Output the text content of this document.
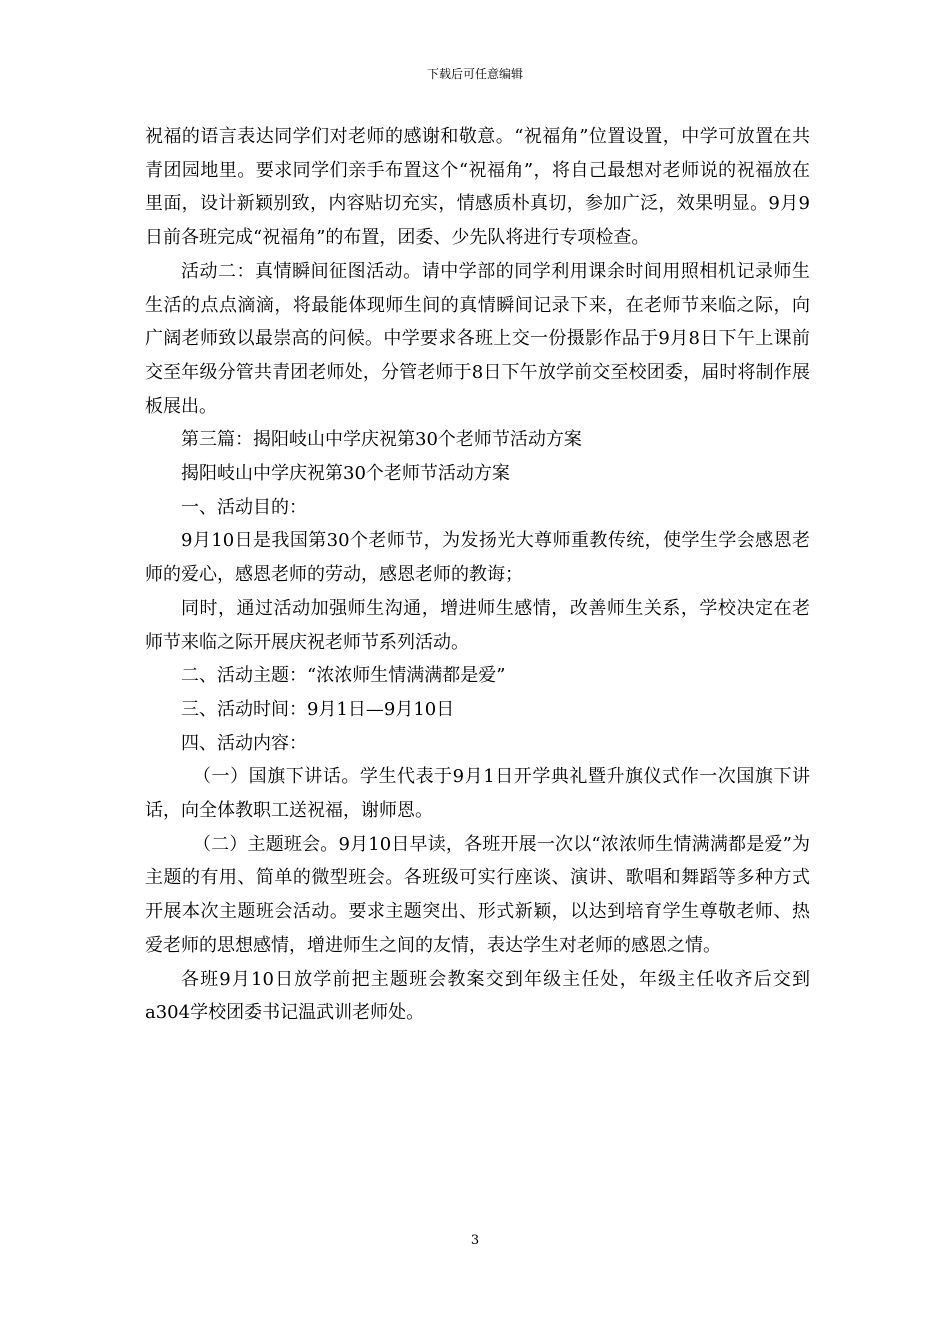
下载后可任意编辑

祝福的语言表达同学们对老师的感谢和敬意。“祝福角”位置设置，中学可放置在共青团园地里。要求同学们亲手布置这个“祝福角”，将自己最想对老师说的祝福放在里面，设计新颖别致，内容贴切充实，情感质朴真切，参加广泛，效果明显。9月9日前各班完成“祝福角”的布置，团委、少先队将进行专项检查。

活动二：真情瞬间征图活动。请中学部的同学利用课余时间用照相机记录师生生活的点点滴滴，将最能体现师生间的真情瞬间记录下来，在老师节来临之际，向广阔老师致以最崇高的问候。中学要求各班上交一份摄影作品于9月8日下午上课前交至年级分管共青团老师处，分管老师于8日下午放学前交至校团委，届时将制作展板展出。

第三篇：揭阳岐山中学庆祝第30个老师节活动方案

揭阳岐山中学庆祝第30个老师节活动方案

一、活动目的：

9月10日是我国第30个老师节，为发扬光大尊师重教传统，使学生学会感恩老师的爱心，感恩老师的劳动，感恩老师的教诲；

同时，通过活动加强师生沟通，增进师生感情，改善师生关系，学校决定在老师节来临之际开展庆祝老师节系列活动。

二、活动主题：“浓浓师生情满满都是爱”

三、活动时间：9月1日—9月10日

四、活动内容：

（一）国旗下讲话。学生代表于9月1日开学典礼暨升旗仪式作一次国旗下讲话，向全体教职工送祝福，谢师恩。

（二）主题班会。9月10日早读，各班开展一次以“浓浓师生情满满都是爱”为主题的有用、简单的微型班会。各班级可实行座谈、演讲、歌唱和舞蹈等多种方式开展本次主题班会活动。要求主题突出、形式新颖，以达到培育学生尊敬老师、热爱老师的思想感情，增进师生之间的友情，表达学生对老师的感恩之情。

各班9月10日放学前把主题班会教案交到年级主任处，年级主任收齐后交到a304学校团委书记温武训老师处。

3
